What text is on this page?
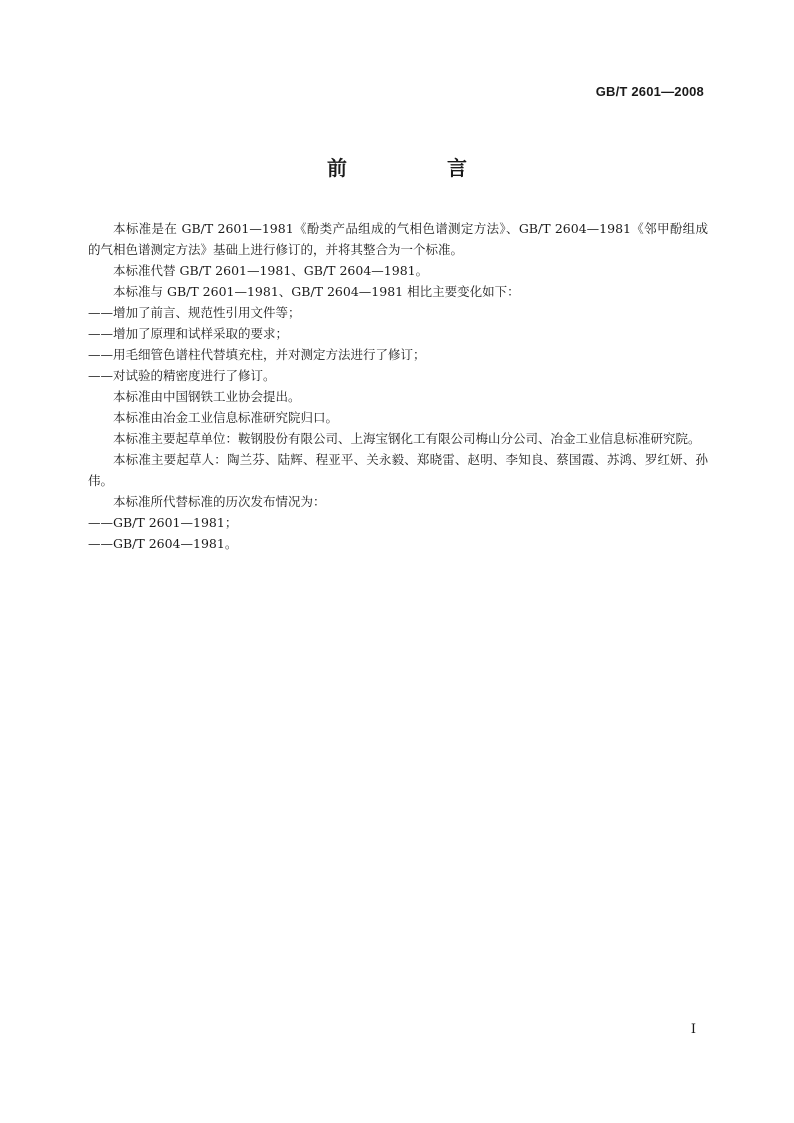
GB/T 2601—2008
前　言

本标准是在 GB/T 2601—1981《酚类产品组成的气相色谱测定方法》、GB/T 2604—1981《邻甲酚组成的气相色谱测定方法》基础上进行修订的，并将其整合为一个标准。

本标准代替 GB/T 2601—1981、GB/T 2604—1981。

本标准与 GB/T 2601—1981、GB/T 2604—1981 相比主要变化如下：

——增加了前言、规范性引用文件等；

——增加了原理和试样采取的要求；

——用毛细管色谱柱代替填充柱，并对测定方法进行了修订；

——对试验的精密度进行了修订。

本标准由中国钢铁工业协会提出。

本标准由冶金工业信息标准研究院归口。

本标准主要起草单位：鞍钢股份有限公司、上海宝钢化工有限公司梅山分公司、冶金工业信息标准研究院。

本标准主要起草人：陶兰芬、陆辉、程亚平、关永毅、郑晓雷、赵明、李知良、蔡国霞、苏鸿、罗红妍、孙伟。

本标准所代替标准的历次发布情况为：

——GB/T 2601—1981；

——GB/T 2604—1981。

I
